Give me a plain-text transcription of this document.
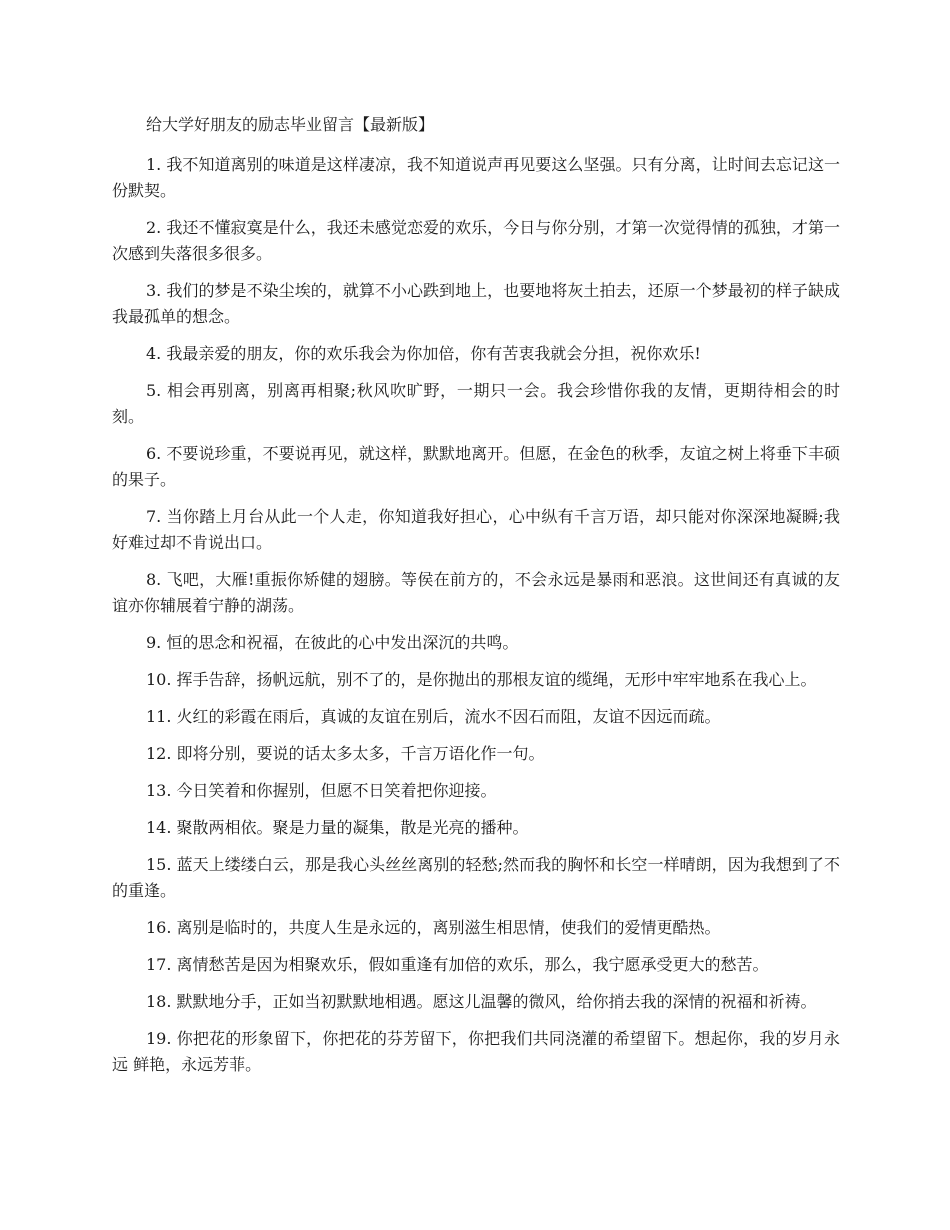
给大学好朋友的励志毕业留言【最新版】

1. 我不知道离别的味道是这样凄凉，我不知道说声再见要这么坚强。只有分离，让时间去忘记这一份默契。

2. 我还不懂寂寞是什么，我还未感觉恋爱的欢乐，今日与你分别，才第一次觉得情的孤独，才第一次感到失落很多很多。

3. 我们的梦是不染尘埃的，就算不小心跌到地上，也要地将灰土拍去，还原一个梦最初的样子缺成我最孤单的想念。

4. 我最亲爱的朋友，你的欢乐我会为你加倍，你有苦衷我就会分担，祝你欢乐!

5. 相会再别离，别离再相聚;秋风吹旷野，一期只一会。我会珍惜你我的友情，更期待相会的时刻。

6. 不要说珍重，不要说再见，就这样，默默地离开。但愿，在金色的秋季，友谊之树上将垂下丰硕 的果子。

7. 当你踏上月台从此一个人走，你知道我好担心，心中纵有千言万语，却只能对你深深地凝瞬;我好难过却不肯说出口。

8. 飞吧，大雁!重振你矫健的翅膀。等侯在前方的，不会永远是暴雨和恶浪。这世间还有真诚的友谊亦你辅展着宁静的湖荡。

9. 恒的思念和祝福，在彼此的心中发出深沉的共鸣。

10. 挥手告辞，扬帆远航，别不了的，是你抛出的那根友谊的缆绳，无形中牢牢地系在我心上。

11. 火红的彩霞在雨后，真诚的友谊在别后，流水不因石而阻，友谊不因远而疏。

12. 即将分别，要说的话太多太多，千言万语化作一句。

13. 今日笑着和你握别，但愿不日笑着把你迎接。

14. 聚散两相依。聚是力量的凝集，散是光亮的播种。

15. 蓝天上缕缕白云，那是我心头丝丝离别的轻愁;然而我的胸怀和长空一样晴朗，因为我想到了不的重逢。

16. 离别是临时的，共度人生是永远的，离别滋生相思情，使我们的爱情更酷热。

17. 离情愁苦是因为相聚欢乐，假如重逢有加倍的欢乐，那么，我宁愿承受更大的愁苦。

18. 默默地分手，正如当初默默地相遇。愿这儿温馨的微风，给你捎去我的深情的祝福和祈祷。

19. 你把花的形象留下，你把花的芬芳留下，你把我们共同浇灌的希望留下。想起你，我的岁月永远 鲜艳，永远芳菲。
